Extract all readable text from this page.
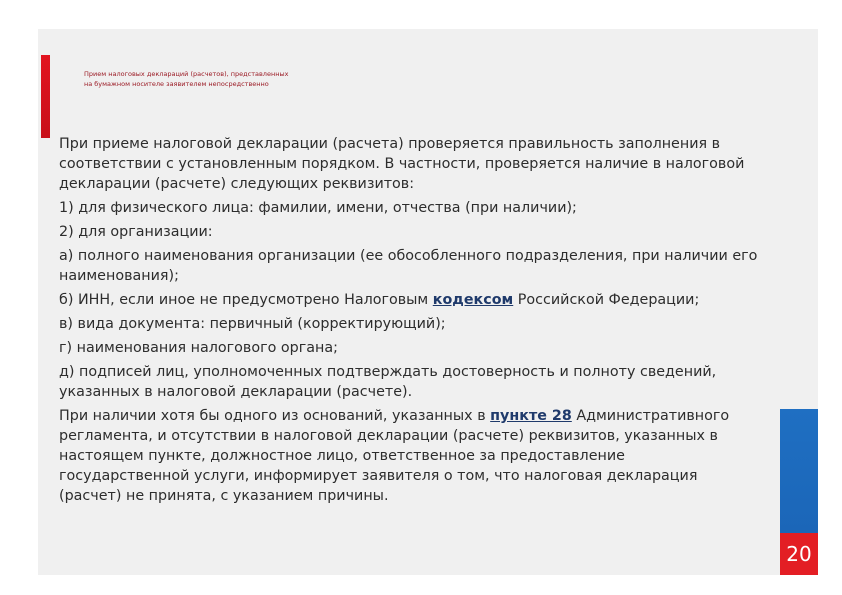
Прием налоговых деклараций (расчетов), представленных
на бумажном носителе заявителем непосредственно

При приеме налоговой декларации (расчета) проверяется правильность заполнения в соответствии с установленным порядком. В частности, проверяется наличие в налоговой декларации (расчете) следующих реквизитов:

1) для физического лица: фамилии, имени, отчества (при наличии);

2) для организации:

а) полного наименования организации (ее обособленного подразделения, при наличии его наименования);

б) ИНН, если иное не предусмотрено Налоговым кодексом Российской Федерации;

в) вида документа: первичный (корректирующий);

г) наименования налогового органа;

д) подписей лиц, уполномоченных подтверждать достоверность и полноту сведений, указанных в налоговой декларации (расчете).

При наличии хотя бы одного из оснований, указанных в пункте 28 Административного регламента, и отсутствии в налоговой декларации (расчете) реквизитов, указанных в настоящем пункте, должностное лицо, ответственное за предоставление государственной услуги, информирует заявителя о том, что налоговая декларация (расчет) не принята, с указанием причины.

20
